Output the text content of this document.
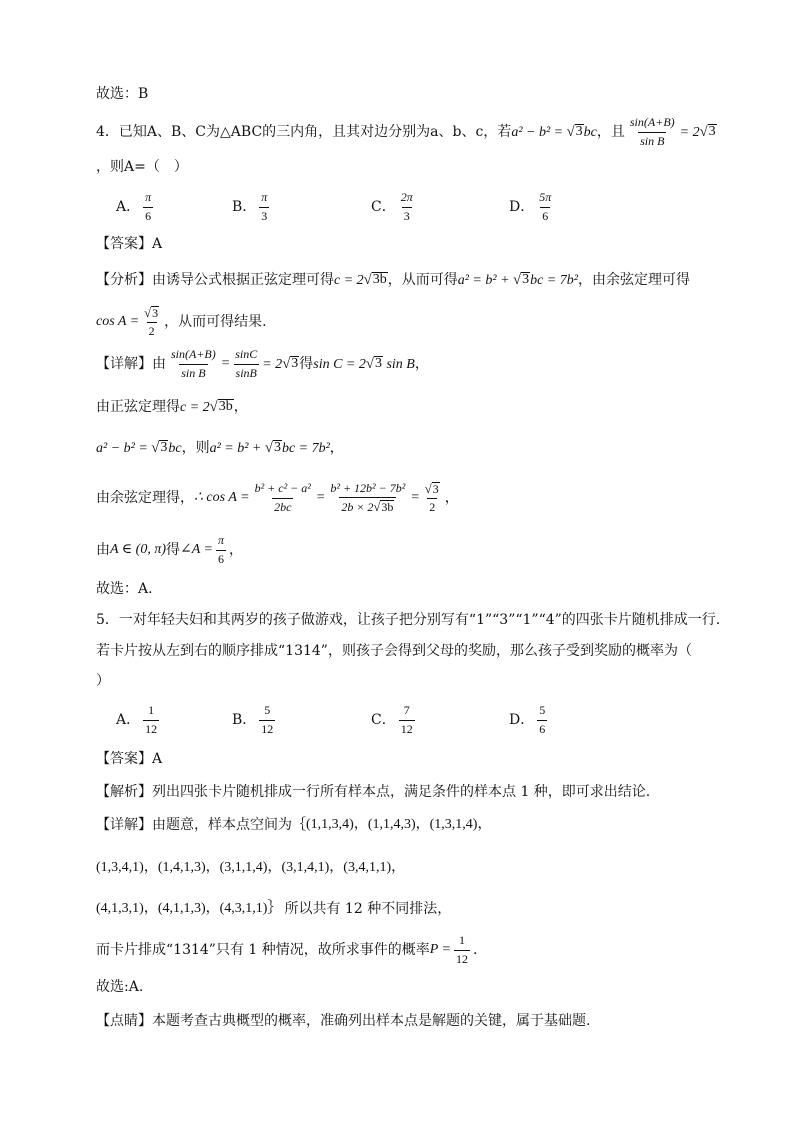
故选：B
4．已知A、B、C为△ABC的三内角，且其对边分别为a、b、c，若 a² − b² = √ 3 bc ，且 $\frac{\sin(A+B)}{\text{sin B}} = 2$ √ 3
，则A=（　）
A． $\frac{\pi}{6}$	B． $\frac{\pi}{3}$	C． $\frac{2\pi}{3}$	D． $\frac{5\pi}{6}$
【答案】 A
【分析】 由诱导公式根据正弦定理可得 c = 2 √ 3b ，从而可得 a² = b² + √ 3 bc = 7b² ，由余弦定理可得
$\cos A = \frac{√ 3}{2}$ ，从而可得结果.
【详解】 由 $\frac{\sin(A+B)}{\text{sin B}} = \frac{\sin C}{\sin B} = 2$ √ 3 得 sin C = 2 √ 3 sin B ，
由正弦定理得 c = 2 √ 3b ，
a² − b² = √ 3 bc ，则 a² = b² + √ 3 bc = 7b² ，
由余弦定理得， ∴ $\cos A = \frac{\text{b² + c² − a²}}{2bc} = \frac{\text{b² + 12b² − 7b²}}{2b \times 2 √ 3b} = \frac{√ 3}{2}$ ，
由 A ∈ (0, π) 得 ∠A = $\frac{\pi}{6}$ ，
故选：A.
5．一对年轻夫妇和其两岁的孩子做游戏，让孩子把分别写有“1”“3”“1”“4”的四张卡片随机排成一行.
若卡片按从左到右的顺序排成“1314”，则孩子会得到父母的奖励，那么孩子受到奖励的概率为（
）
A． $\frac{1}{12}$	B． $\frac{5}{12}$	C． $\frac{7}{12}$	D． $\frac{5}{6}$
【答案】 A
【解析】 列出四张卡片随机排成一行所有样本点，满足条件的样本点 1 种，即可求出结论.
【详解】 由题意，样本点空间为｛ (1,1,3,4)，(1,1,4,3)，(1,3,1,4)，
(1,3,4,1)，(1,4,1,3)，(3,1,1,4)，(3,1,4,1)，(3,4,1,1)，
(4,1,3,1)，(4,1,1,3)，(4,3,1,1)｝ 所以共有 12 种不同排法，
而卡片排成“1314”只有 1 种情况，故所求事件的概率 $P = \frac{1}{12}$ .
故选:A.
【点睛】 本题考查古典概型的概率，准确列出样本点是解题的关键，属于基础题.
